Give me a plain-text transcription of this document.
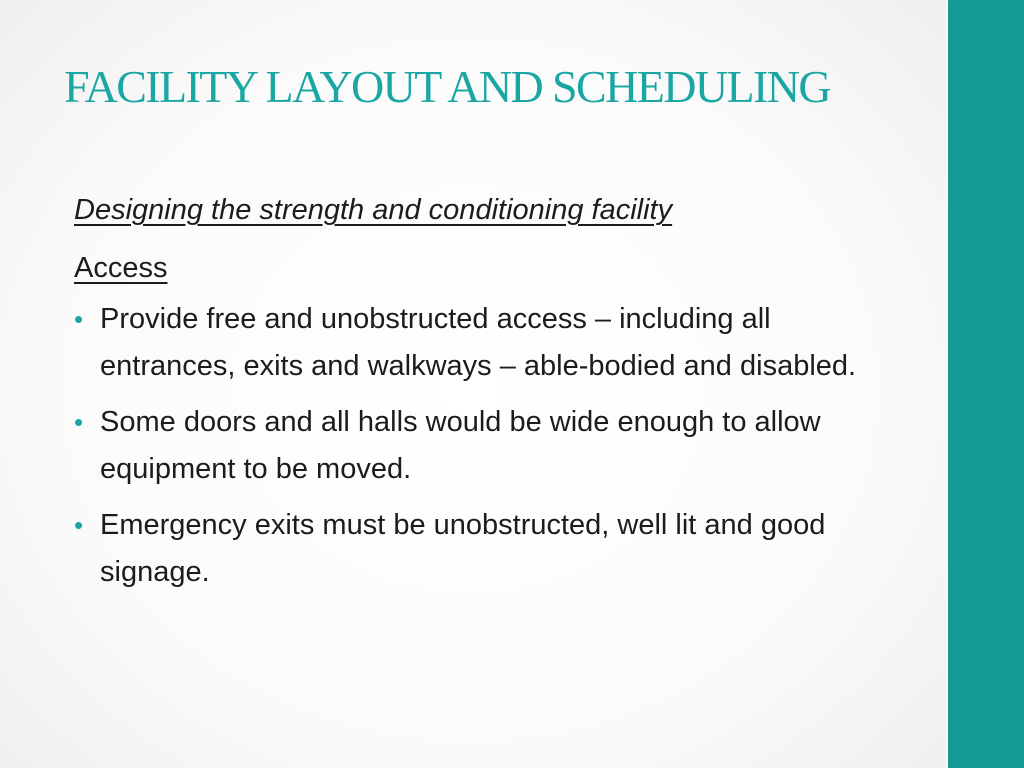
FACILITY LAYOUT AND SCHEDULING

Designing the strength and conditioning facility

Access

• Provide free and unobstructed access – including all entrances, exits and walkways – able-bodied and disabled.
• Some doors and all halls would be wide enough to allow equipment to be moved.
• Emergency exits must be unobstructed, well lit and good signage.
